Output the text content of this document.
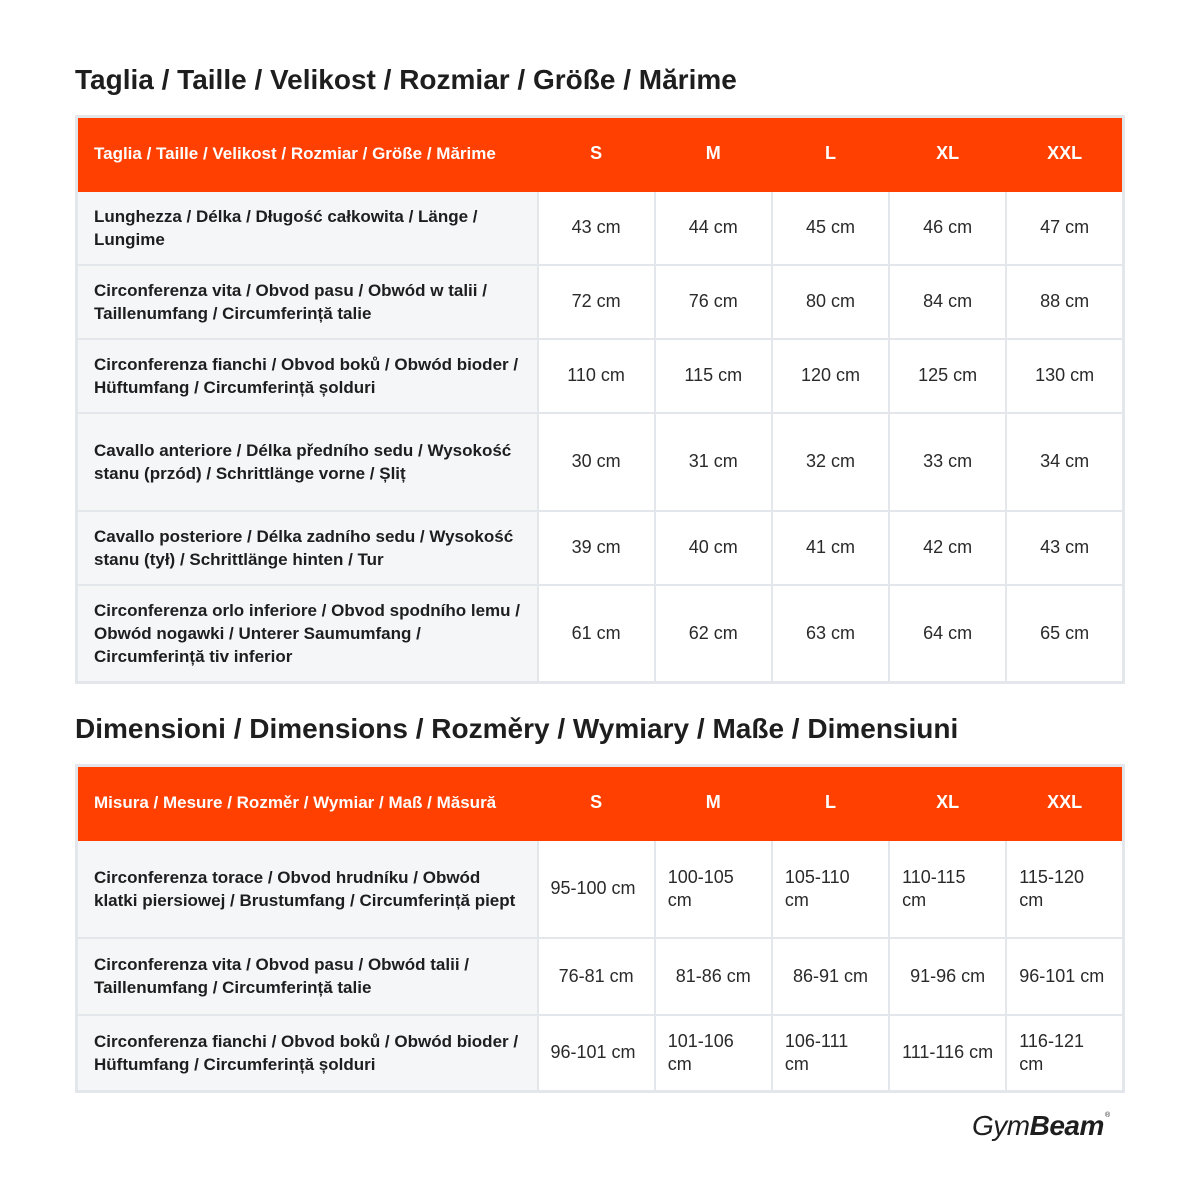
Taglia / Taille / Velikost / Rozmiar / Größe / Mărime
Taglia / Taille / Velikost / Rozmiar / Größe / Mărime	S	M	L	XL	XXL
Lunghezza / Délka / Długość całkowita / Länge / Lungime	43 cm	44 cm	45 cm	46 cm	47 cm
Circonferenza vita / Obvod pasu / Obwód w talii / Taillenumfang / Circumferință talie	72 cm	76 cm	80 cm	84 cm	88 cm
Circonferenza fianchi / Obvod boků / Obwód bioder / Hüftumfang / Circumferință șolduri	110 cm	115 cm	120 cm	125 cm	130 cm
Cavallo anteriore / Délka předního sedu / Wysokość stanu (przód) / Schrittlänge vorne / Șliț	30 cm	31 cm	32 cm	33 cm	34 cm
Cavallo posteriore / Délka zadního sedu / Wysokość stanu (tył) / Schrittlänge hinten / Tur	39 cm	40 cm	41 cm	42 cm	43 cm
Circonferenza orlo inferiore / Obvod spodního lemu / Obwód nogawki / Unterer Saumumfang / Circumferință tiv inferior	61 cm	62 cm	63 cm	64 cm	65 cm
Dimensioni / Dimensions / Rozměry / Wymiary / Maße / Dimensiuni
Misura / Mesure / Rozměr / Wymiar / Maß / Măsură	S	M	L	XL	XXL
Circonferenza torace / Obvod hrudníku / Obwód klatki piersiowej / Brustumfang / Circumferință piept	95-100 cm	100-105 cm	105-110 cm	110-115 cm	115-120 cm
Circonferenza vita / Obvod pasu / Obwód talii / Taillenumfang / Circumferință talie	76-81 cm	81-86 cm	86-91 cm	91-96 cm	96-101 cm
Circonferenza fianchi / Obvod boků / Obwód bioder / Hüftumfang / Circumferință șolduri	96-101 cm	101-106 cm	106-111 cm	111-116 cm	116-121 cm
GymBeam®
